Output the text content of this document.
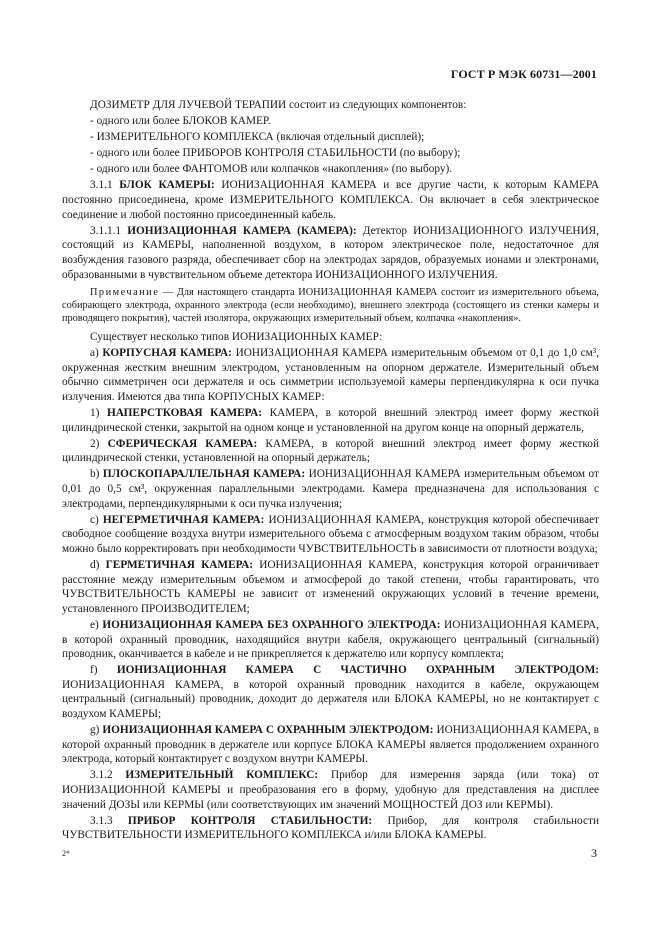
ГОСТ Р МЭК 60731—2001

ДОЗИМЕТР ДЛЯ ЛУЧЕВОЙ ТЕРАПИИ состоит из следующих компонентов:

- одного или более БЛОКОВ КАМЕР.

- ИЗМЕРИТЕЛЬНОГО КОМПЛЕКСА (включая отдельный дисплей);

- одного или более ПРИБОРОВ КОНТРОЛЯ СТАБИЛЬНОСТИ (по выбору);

- одного или более ФАНТОМОВ или колпачков «накопления» (по выбору).

3.1.1 БЛОК КАМЕРЫ: ИОНИЗАЦИОННАЯ КАМЕРА и все другие части, к которым КАМЕРА постоянно присоединена, кроме ИЗМЕРИТЕЛЬНОГО КОМПЛЕКСА. Он включает в себя электрическое соединение и любой постоянно присоединенный кабель.

3.1.1.1 ИОНИЗАЦИОННАЯ КАМЕРА (КАМЕРА): Детектор ИОНИЗАЦИОННОГО ИЗЛУЧЕНИЯ, состоящий из КАМЕРЫ, наполненной воздухом, в котором электрическое поле, недостаточное для возбуждения газового разряда, обеспечивает сбор на электродах зарядов, образуемых ионами и электронами, образованными в чувствительном объеме детектора ИОНИЗАЦИОННОГО ИЗЛУЧЕНИЯ.

Примечание — Для настоящего стандарта ИОНИЗАЦИОННАЯ КАМЕРА состоит из измерительного объема, собирающего электрода, охранного электрода (если необходимо), внешнего электрода (состоящего из стенки камеры и проводящего покрытия), частей изолятора, окружающих измерительный объем, колпачка «накопления».

Существует несколько типов ИОНИЗАЦИОННЫХ КАМЕР:

a) КОРПУСНАЯ КАМЕРА: ИОНИЗАЦИОННАЯ КАМЕРА измерительным объемом от 0,1 до 1,0 см³, окруженная жестким внешним электродом, установленным на опорном держателе. Измерительный объем обычно симметричен оси держателя и ось симметрии используемой камеры перпендикулярна к оси пучка излучения. Имеются два типа КОРПУСНЫХ КАМЕР:

1) НАПЕРСТКОВАЯ КАМЕРА: КАМЕРА, в которой внешний электрод имеет форму жесткой цилиндрической стенки, закрытой на одном конце и установленной на другом конце на опорный держатель,

2) СФЕРИЧЕСКАЯ КАМЕРА: КАМЕРА, в которой внешний электрод имеет форму жесткой цилиндрической стенки, установленной на опорный держатель;

b) ПЛОСКОПАРАЛЛЕЛЬНАЯ КАМЕРА: ИОНИЗАЦИОННАЯ КАМЕРА измерительным объемом от 0,01 до 0,5 см³, окруженная параллельными электродами. Камера предназначена для использования с электродами, перпендикулярными к оси пучка излучения;

c) НЕГЕРМЕТИЧНАЯ КАМЕРА: ИОНИЗАЦИОННАЯ КАМЕРА, конструкция которой обеспечивает свободное сообщение воздуха внутри измерительного объема с атмосферным воздухом таким образом, чтобы можно было корректировать при необходимости ЧУВСТВИТЕЛЬНОСТЬ в зависимости от плотности воздуха;

d) ГЕРМЕТИЧНАЯ КАМЕРА: ИОНИЗАЦИОННАЯ КАМЕРА, конструкция которой ограничивает расстояние между измерительным объемом и атмосферой до такой степени, чтобы гарантировать, что ЧУВСТВИТЕЛЬНОСТЬ КАМЕРЫ не зависит от изменений окружающих условий в течение времени, установленного ПРОИЗВОДИТЕЛЕМ;

e) ИОНИЗАЦИОННАЯ КАМЕРА БЕЗ ОХРАННОГО ЭЛЕКТРОДА: ИОНИЗАЦИОННАЯ КАМЕРА, в которой охранный проводник, находящийся внутри кабеля, окружающего центральный (сигнальный) проводник, оканчивается в кабеле и не прикрепляется к держателю или корпусу комплекта;

f) ИОНИЗАЦИОННАЯ КАМЕРА С ЧАСТИЧНО ОХРАННЫМ ЭЛЕКТРОДОМ: ИОНИЗАЦИОННАЯ КАМЕРА, в которой охранный проводник находится в кабеле, окружающем центральный (сигнальный) проводник, доходит до держателя или БЛОКА КАМЕРЫ, но не контактирует с воздухом КАМЕРЫ;

g) ИОНИЗАЦИОННАЯ КАМЕРА С ОХРАННЫМ ЭЛЕКТРОДОМ: ИОНИЗАЦИОННАЯ КАМЕРА, в которой охранный проводник в держателе или корпусе БЛОКА КАМЕРЫ является продолжением охранного электрода, который контактирует с воздухом внутри КАМЕРЫ.

3.1.2 ИЗМЕРИТЕЛЬНЫЙ КОМПЛЕКС: Прибор для измерения заряда (или тока) от ИОНИЗАЦИОННОЙ КАМЕРЫ и преобразования его в форму, удобную для представления на дисплее значений ДОЗЫ или КЕРМЫ (или соответствующих им значений МОЩНОСТЕЙ ДОЗ или КЕРМЫ).

3.1.3 ПРИБОР КОНТРОЛЯ СТАБИЛЬНОСТИ: Прибор, для контроля стабильности ЧУВСТВИТЕЛЬНОСТИ ИЗМЕРИТЕЛЬНОГО КОМПЛЕКСА и/или БЛОКА КАМЕРЫ.

2*	3
